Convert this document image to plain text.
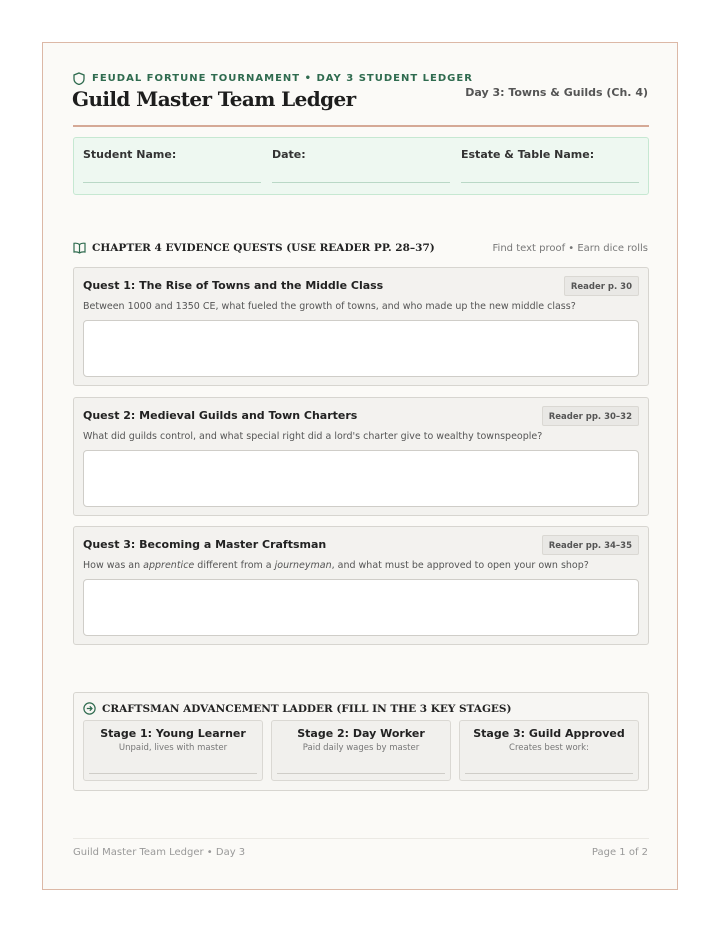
FEUDAL FORTUNE TOURNAMENT • DAY 3 STUDENT LEDGER
Guild Master Team Ledger	Day 3: Towns & Guilds (Ch. 4)
Student Name:	Date:	Estate & Table Name:
CHAPTER 4 EVIDENCE QUESTS (USE READER PP. 28–37)	Find text proof • Earn dice rolls
Quest 1: The Rise of Towns and the Middle Class	Reader p. 30
Between 1000 and 1350 CE, what fueled the growth of towns, and who made up the new middle class?
Quest 2: Medieval Guilds and Town Charters	Reader pp. 30–32
What did guilds control, and what special right did a lord's charter give to wealthy townspeople?
Quest 3: Becoming a Master Craftsman	Reader pp. 34–35
How was an apprentice different from a journeyman, and what must be approved to open your own shop?
CRAFTSMAN ADVANCEMENT LADDER (FILL IN THE 3 KEY STAGES)
Stage 1: Young Learner
Unpaid, lives with master
Stage 2: Day Worker
Paid daily wages by master
Stage 3: Guild Approved
Creates best work:
Guild Master Team Ledger • Day 3	Page 1 of 2
